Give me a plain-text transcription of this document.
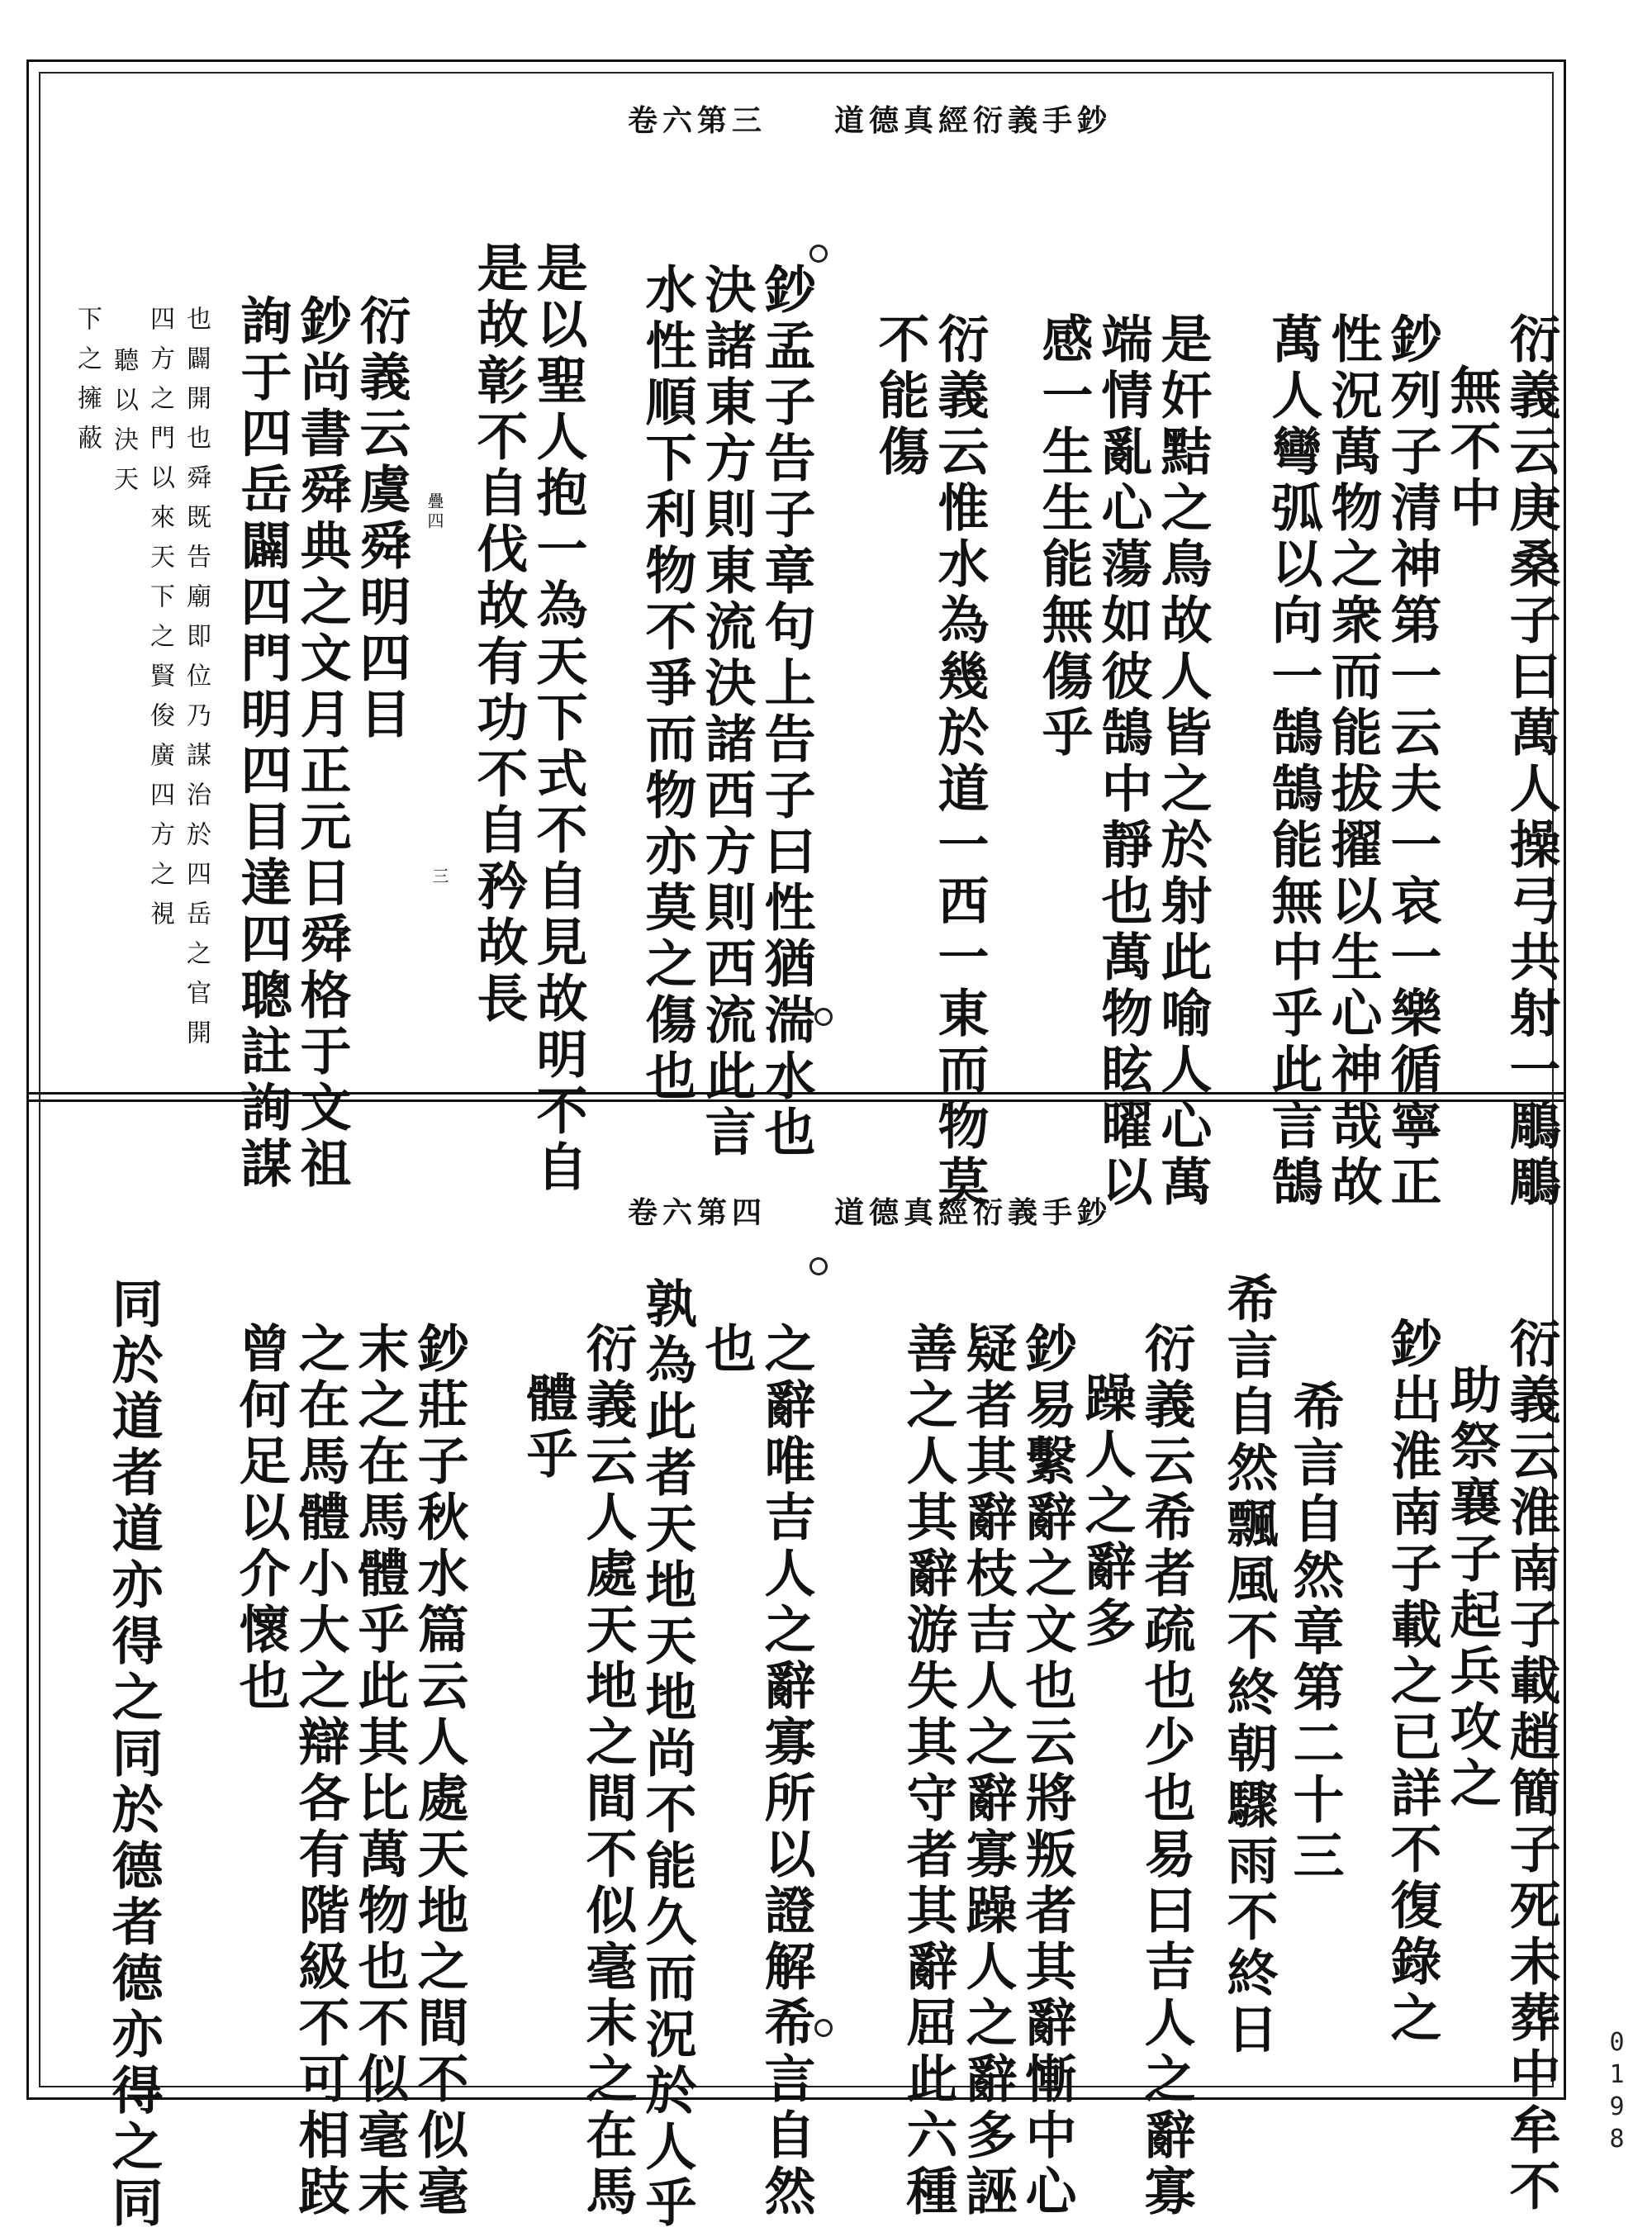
道德真經衍義手鈔
卷六第三
衍義云庚桑子曰萬人操弓共射一鵰鵰
無不中
鈔列子清神第一云夫一哀一樂循寧正
性況萬物之衆而能拔擢以生心神哉故
萬人彎弧以向一鵠鵠能無中乎此言鵠
是奸黠之鳥故人皆之於射此喻人心萬
端情亂心蕩如彼鵠中靜也萬物眩曜以
感一生生能無傷乎
衍義云惟水為幾於道一西一東而物莫
不能傷
鈔孟子告子章句上告子曰性猶湍水也
決諸東方則東流決諸西方則西流此言
水性順下利物不爭而物亦莫之傷也
是以聖人抱一為天下式不自見故明不自
是故彰不自伐故有功不自矜故長
衍義云虞舜明四目
鈔尚書舜典之文月正元日舜格于文祖
詢于四岳闢四門明四目達四聰註詢謀
也闢開也舜既告廟即位乃謀治於四岳之官開
四方之門以來天下之賢俊廣四方之視
聽以決天
下之擁蔽
疊四
三
道德真經衍義手鈔
卷六第四
衍義云淮南子載趙簡子死未葬中牟不
助祭襄子起兵攻之
鈔出淮南子載之已詳不復錄之
希言自然章第二十三
希言自然飄風不終朝驟雨不終日
衍義云希者疏也少也易曰吉人之辭寡
躁人之辭多
鈔易繫辭之文也云將叛者其辭慚中心
疑者其辭枝吉人之辭寡躁人之辭多誣
善之人其辭游失其守者其辭屈此六種
之辭唯吉人之辭寡所以證解希言自然
也
孰為此者天地天地尚不能久而況於人乎
衍義云人處天地之間不似毫末之在馬
體乎
鈔莊子秋水篇云人處天地之間不似毫
末之在馬體乎此其比萬物也不似毫末
之在馬體小大之辯各有階級不可相跂
曾何足以介懷也
同於道者道亦得之同於德者德亦得之同	0198
